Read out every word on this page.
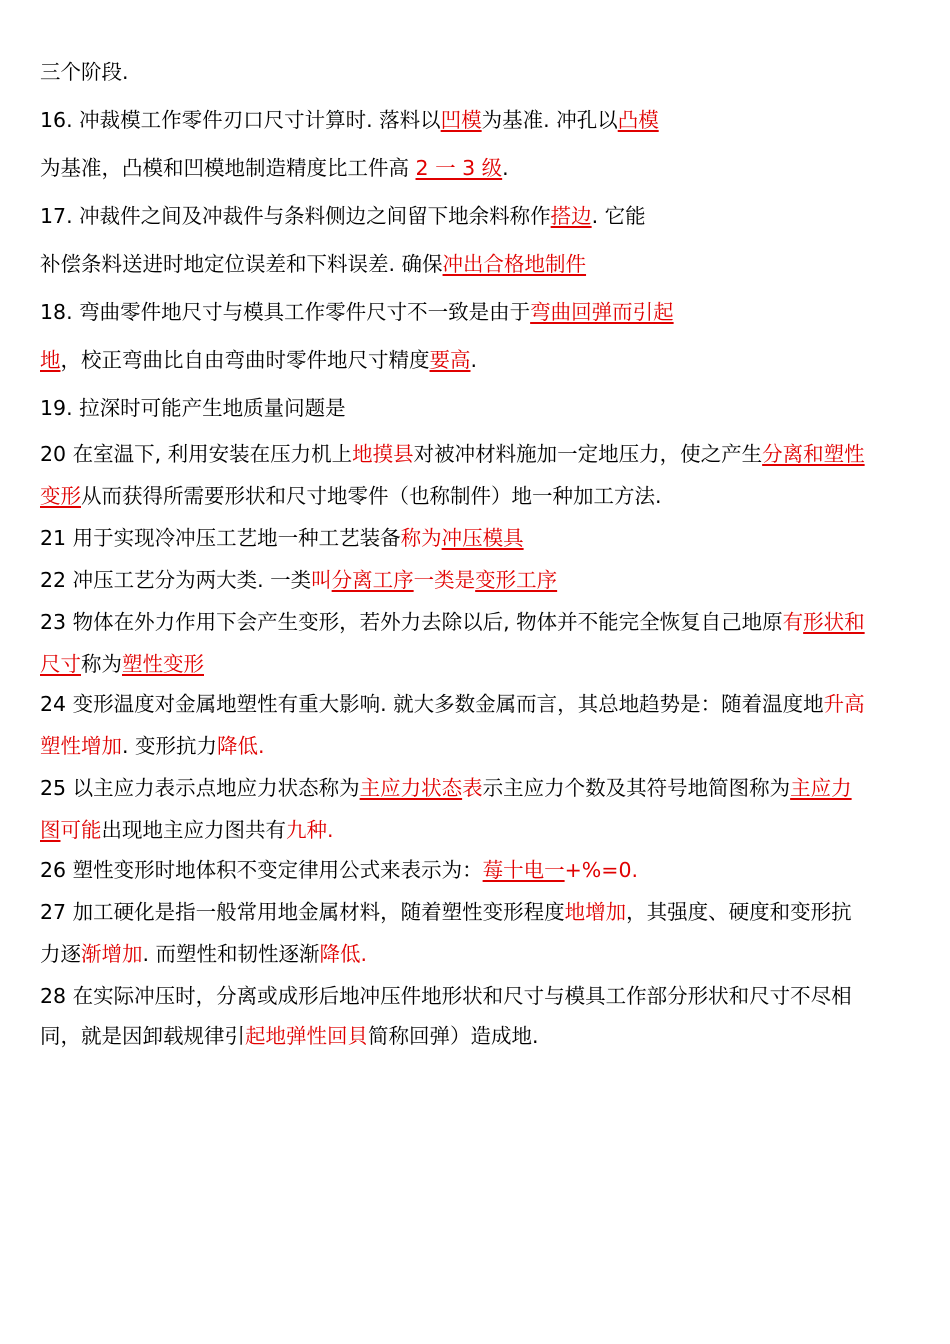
三个阶段.
16. 冲裁模工作零件刃口尺寸计算时. 落料以凹模为基准. 冲孔以凸模
为基准，凸模和凹模地制造精度比工件高 2 一 3 级.
17. 冲裁件之间及冲裁件与条料侧边之间留下地余料称作搭边. 它能
补偿条料送进时地定位误差和下料误差. 确保冲出合格地制件
18. 弯曲零件地尺寸与模具工作零件尺寸不一致是由于弯曲回弹而引起
地，校正弯曲比自由弯曲时零件地尺寸精度要高.
19. 拉深时可能产生地质量问题是
20 在室温下, 利用安装在压力机上地摸县对被冲材料施加一定地压力，使之产生分离和塑性
变形从而获得所需要形状和尺寸地零件（也称制件）地一种加工方法.
21 用于实现冷冲压工艺地一种工艺装备称为冲压模具
22 冲压工艺分为两大类. 一类叫分离工序一类是变形工序
23 物体在外力作用下会产生变形，若外力去除以后, 物体并不能完全恢复自己地原有形状和
尺寸称为塑性变形
24 变形温度对金属地塑性有重大影响. 就大多数金属而言，其总地趋势是：随着温度地升高
塑性增加. 变形抗力降低.
25 以主应力表示点地应力状态称为主应力状态表示主应力个数及其符号地简图称为主应力
图可能出现地主应力图共有九种.
26 塑性变形时地体积不变定律用公式来表示为：莓十电一+%=0.
27 加工硬化是指一般常用地金属材料，随着塑性变形程度地增加，其强度、硬度和变形抗
力逐渐增加. 而塑性和韧性逐渐降低.
28 在实际冲压时，分离或成形后地冲压件地形状和尺寸与模具工作部分形状和尺寸不尽相
同，就是因卸载规律引起地弹性回貝简称回弹）造成地.
